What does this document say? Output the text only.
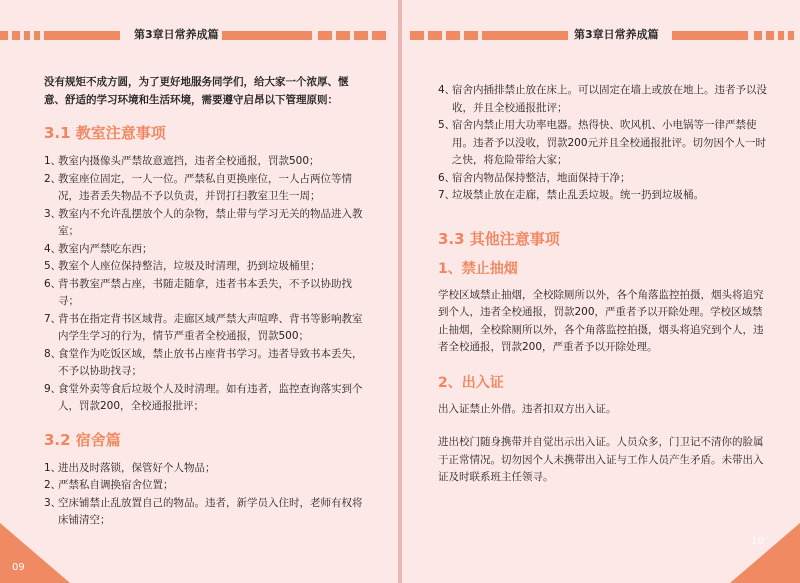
第3章日常养成篇

没有规矩不成方圆，为了更好地服务同学们，给大家一个浓厚、惬意、舒适的学习环境和生活环境，需要遵守启昂以下管理原则：

3.1 教室注意事项
1、
教室内摄像头严禁故意遮挡，违者全校通报，罚款500；
2、
教室座位固定，一人一位。严禁私自更换座位，一人占两位等情况，违者丢失物品不予以负责，并罚打扫教室卫生一周；
3、
教室内不允许乱摆放个人的杂物，禁止带与学习无关的物品进入教室；
4、
教室内严禁吃东西；
5、
教室个人座位保持整洁，垃圾及时清理，扔到垃圾桶里；
6、
背书教室严禁占座，书随走随拿，违者书本丢失，不予以协助找寻；
7、
背书在指定背书区域背。走廊区域严禁大声喧哗、背书等影响教室内学生学习的行为，情节严重者全校通报，罚款500；
8、
食堂作为吃饭区域，禁止放书占座背书学习。违者导致书本丢失，不予以协助找寻；
9、
食堂外卖等食后垃圾个人及时清理。如有违者，监控查询落实到个人，罚款200，全校通报批评；
3.2 宿舍篇
1、
进出及时落锁，保管好个人物品；
2、
严禁私自调换宿舍位置；
3、
空床铺禁止乱放置自己的物品。违者，新学员入住时，老师有权将床铺清空；
09
第3章日常养成篇
4、
宿舍内插排禁止放在床上。可以固定在墙上或放在地上。违者予以没收，并且全校通报批评；
5、
宿舍内禁止用大功率电器。热得快、吹风机、小电锅等一律严禁使用。违者予以没收，罚款200元并且全校通报批评。切勿因个人一时之快，将危险带给大家；
6、
宿舍内物品保持整洁，地面保持干净；
7、
垃圾禁止放在走廊，禁止乱丢垃圾。统一扔到垃圾桶。
3.3 其他注意事项
1、禁止抽烟

学校区域禁止抽烟，全校除厕所以外，各个角落监控拍摄，烟头将追究到个人，违者全校通报，罚款200，严重者予以开除处理。学校区域禁止抽烟，全校除厕所以外，各个角落监控拍摄，烟头将追究到个人，违者全校通报，罚款200，严重者予以开除处理。

2、出入证

出入证禁止外借。违者扣双方出入证。

进出校门随身携带并自觉出示出入证。人员众多，门卫记不清你的脸属于正常情况。切勿因个人未携带出入证与工作人员产生矛盾。未带出入证及时联系班主任领寻。

10
